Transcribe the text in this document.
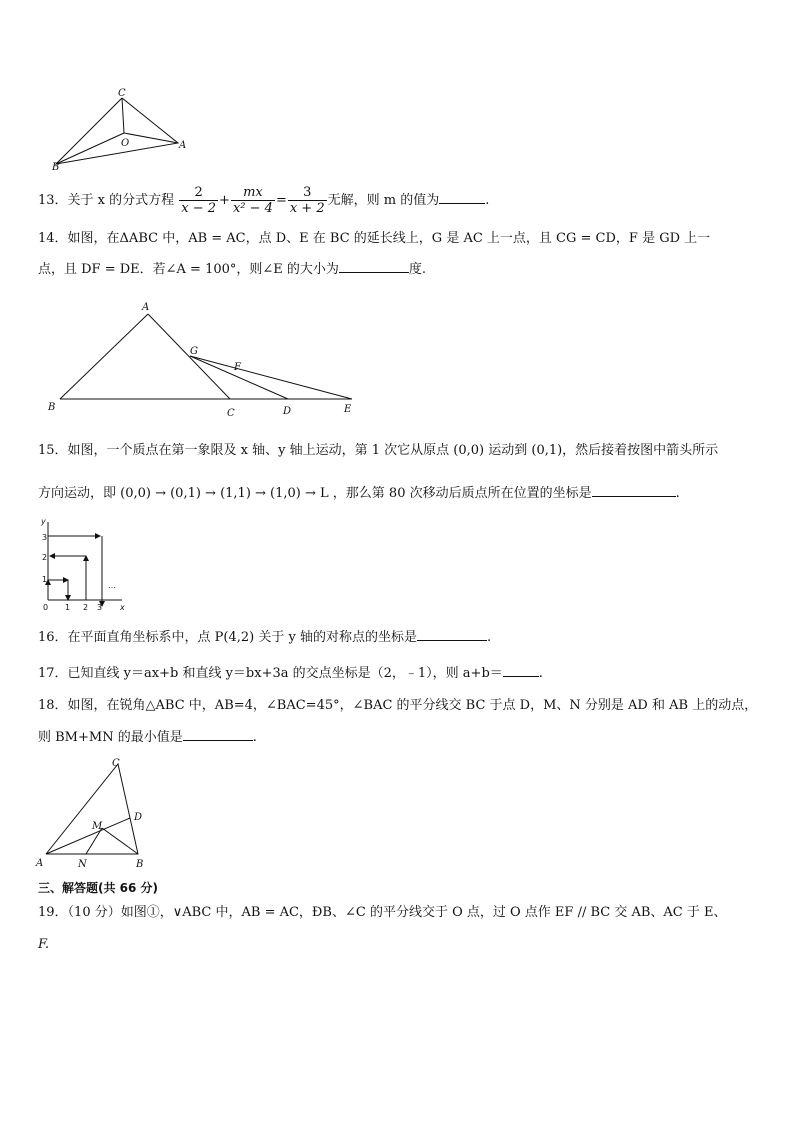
C
O	A
B
13．关于 x 的分式方程 $\frac{2}{x - 2} + \frac{mx}{\text{x² − 4}} = \frac{3}{x + 2}$ 无解，则 m 的值为	.
14．如图，在ΔABC 中，AB = AC，点 D、E 在 BC 的延长线上，G 是 AC 上一点，且 CG = CD，F 是 GD 上一
点，且 DF = DE．若∠A = 100°，则∠E 的大小为	度.
A
G
F
B
C	D	E
15．如图，一个质点在第一象限及 x 轴、y 轴上运动，第 1 次它从原点 (0,0) 运动到 (0,1)，然后接着按图中箭头所示
方向运动，即 (0,0) → (0,1) → (1,1) → (1,0) → L ，那么第 80 次移动后质点所在位置的坐标是	.
y
x
0
1
2
3
1 2 3
…
16．在平面直角坐标系中，点 P(4,2) 关于 y 轴的对称点的坐标是	.
17．已知直线 y＝ax+b 和直线 y＝bx+3a 的交点坐标是（2，﹣1），则 a+b＝	.
18．如图，在锐角△ABC 中，AB=4，∠BAC=45°，∠BAC 的平分线交 BC 于点 D，M、N 分别是 AD 和 AB 上的动点，
则 BM+MN 的最小值是	.
C
D
M
A	N	B
三、解答题(共 66 分)
19．（10 分）如图①，∨ABC 中，AB = AC，ÐB、∠C 的平分线交于 O 点，过 O 点作 EF // BC 交 AB、AC 于 E、
F.
